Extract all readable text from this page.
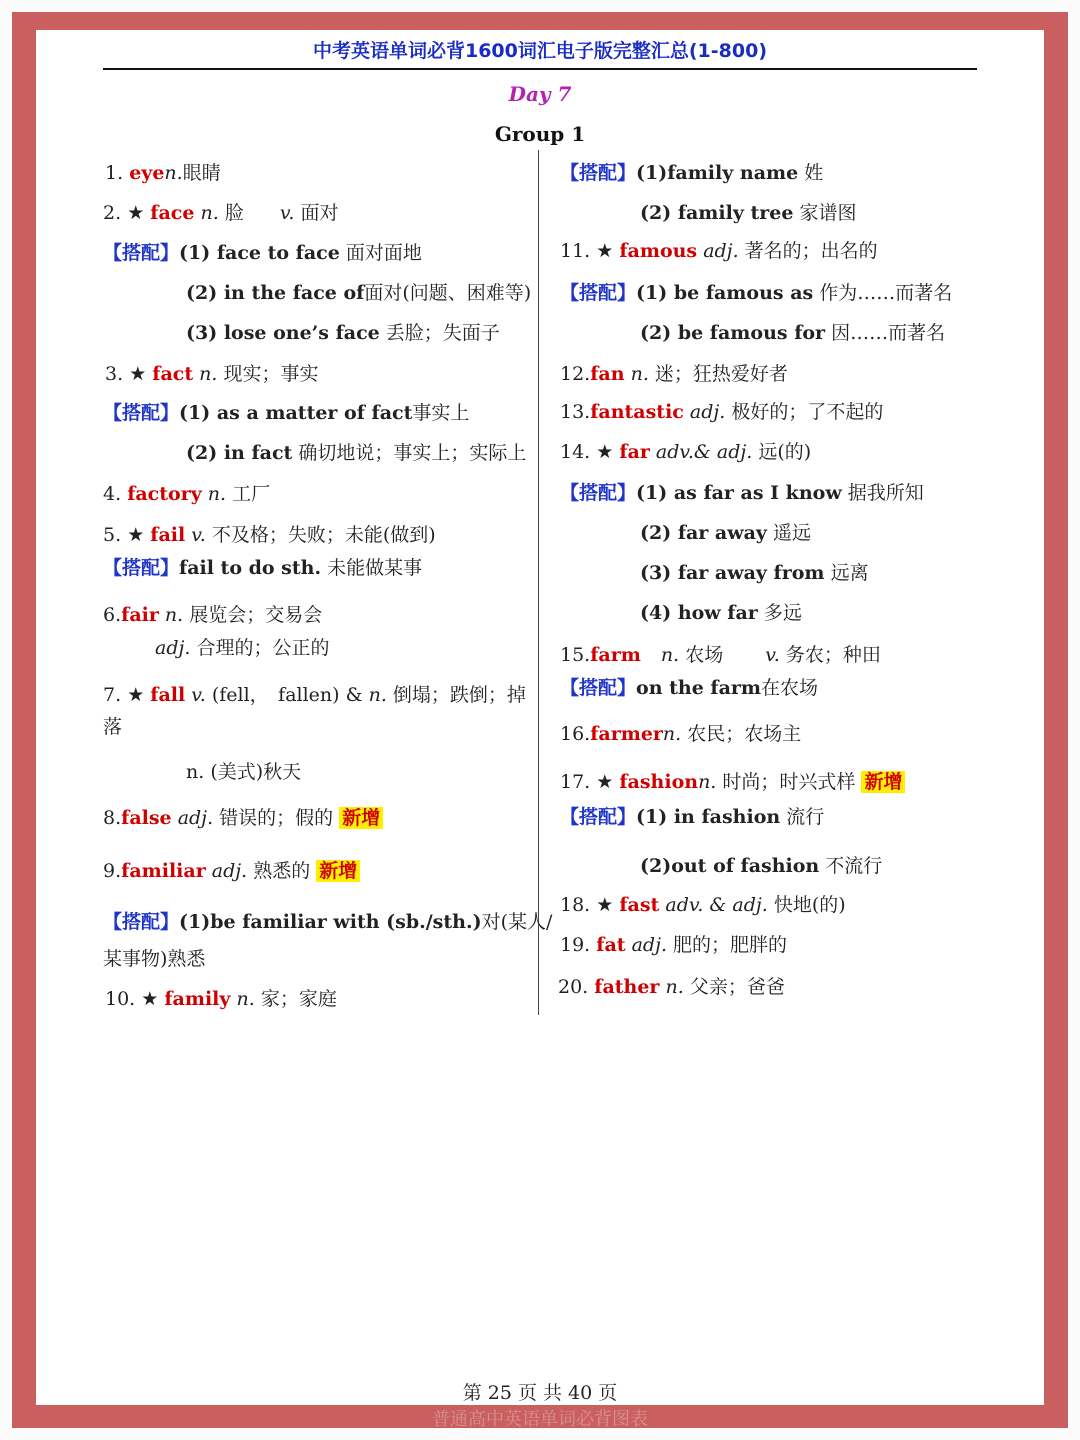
中考英语单词必背1600词汇电子版完整汇总(1-800)
Day 7
Group 1
1. eyen.眼睛
2. ★ face n. 脸 v. 面对
【搭配】(1) face to face 面对面地
(2) in the face of面对(问题、困难等)
(3) lose one’s face 丢脸；失面子
3. ★ fact n. 现实；事实
【搭配】(1) as a matter of fact事实上
(2) in fact 确切地说；事实上；实际上
4. factory n. 工厂
5. ★ fail v. 不及格；失败；未能(做到)
【搭配】fail to do sth. 未能做某事
6.fair n. 展览会；交易会
adj. 合理的；公正的
7. ★ fall v. (fell，　fallen) & n. 倒塌；跌倒；掉
落
n. (美式)秋天
8.false adj. 错误的；假的 新增
9.familiar adj. 熟悉的 新增
【搭配】(1)be familiar with (sb./sth.)对(某人/
某事物)熟悉
10. ★ family n. 家；家庭
【搭配】(1)family name 姓
(2) family tree 家谱图
11. ★ famous adj. 著名的；出名的
【搭配】(1) be famous as 作为……而著名
(2) be famous for 因……而著名
12.fan n. 迷；狂热爱好者
13.fantastic adj. 极好的；了不起的
14. ★ far adv.& adj. 远(的)
【搭配】(1) as far as I know 据我所知
(2) far away 遥远
(3) far away from 远离
(4) how far 多远
15.farm n. 农场 v. 务农；种田
【搭配】on the farm在农场
16.farmern. 农民；农场主
17. ★ fashionn. 时尚；时兴式样 新增
【搭配】(1) in fashion 流行
(2)out of fashion 不流行
18. ★ fast adv. & adj. 快地(的)
19. fat adj. 肥的；肥胖的
20. father n. 父亲；爸爸
第 25 页 共 40 页
普通高中英语单词必背图表
